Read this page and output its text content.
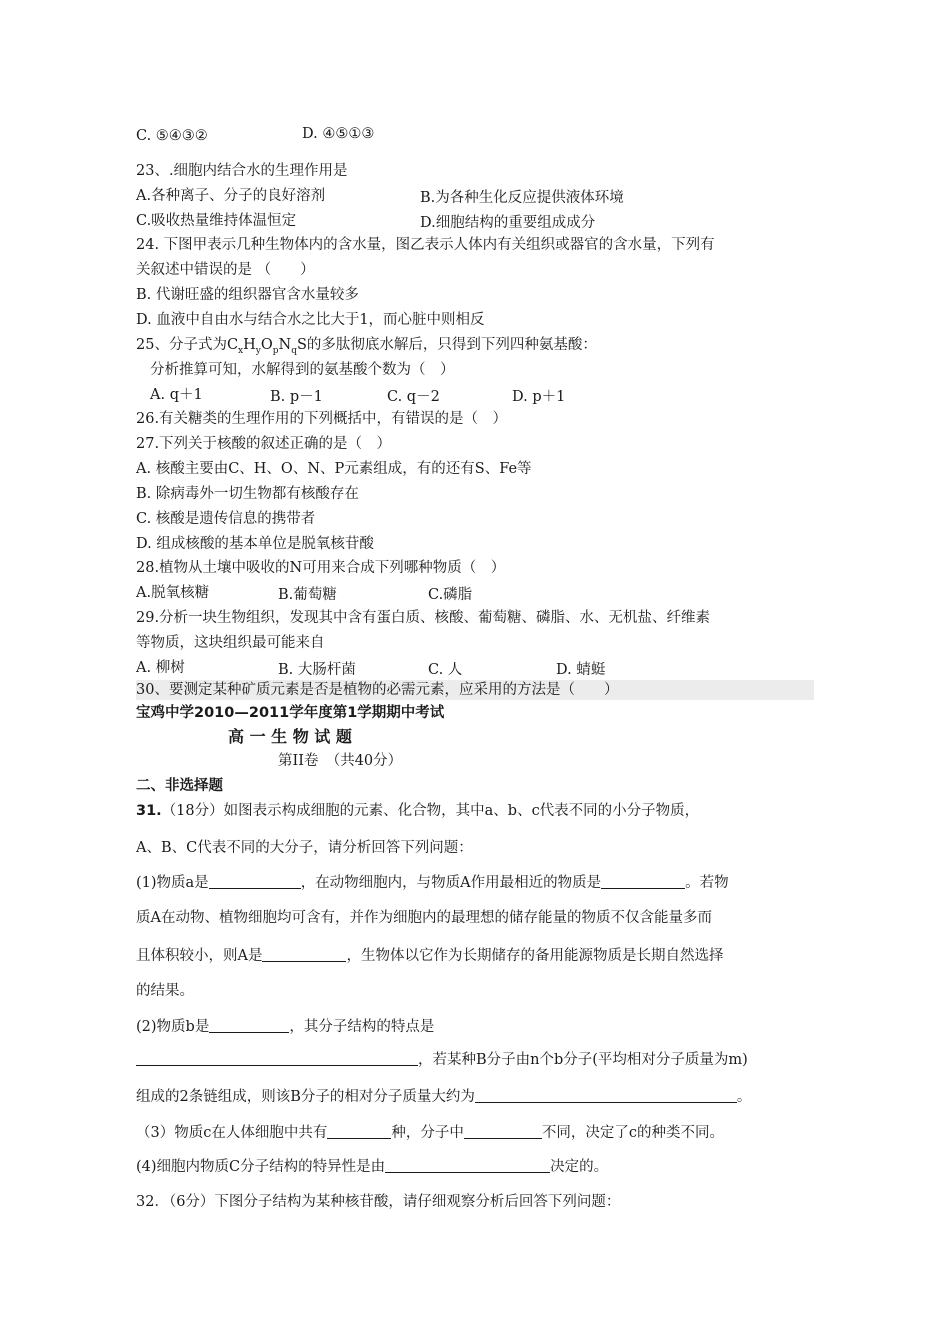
C. ⑤④③②	D. ④⑤①③
23、.细胞内结合水的生理作用是
A.各种离子、分子的良好溶剂	B.为各种生化反应提供液体环境
C.吸收热量维持体温恒定	D.细胞结构的重要组成成分
24. 下图甲表示几种生物体内的含水量，图乙表示人体内有关组织或器官的含水量，下列有
关叙述中错误的是 （　　）
B. 代谢旺盛的组织器官含水量较多
D. 血液中自由水与结合水之比大于1，而心脏中则相反
25、分子式为$C_xH_yO_pN_qS$的多肽彻底水解后，只得到下列四种氨基酸：
分析推算可知，水解得到的氨基酸个数为（　）
A. q＋1	B. p－1	C. q－2	D. p＋1
26.有关糖类的生理作用的下列概括中，有错误的是（　）
27.下列关于核酸的叙述正确的是（　）
A. 核酸主要由C、H、O、N、P元素组成，有的还有S、Fe等
B. 除病毒外一切生物都有核酸存在
C. 核酸是遗传信息的携带者
D. 组成核酸的基本单位是脱氧核苷酸
28.植物从土壤中吸收的N可用来合成下列哪种物质（　）
A.脱氧核糖	B.葡萄糖	C.磷脂
29.分析一块生物组织，发现其中含有蛋白质、核酸、葡萄糖、磷脂、水、无机盐、纤维素
等物质，这块组织最可能来自
A. 柳树	B. 大肠杆菌	C. 人	D. 蜻蜓
30、要测定某种矿质元素是否是植物的必需元素，应采用的方法是（　　）
宝鸡中学2010—2011学年度第1学期期中考试
高 一 生 物 试 题
第II卷　（共40分）
二、非选择题
31.（18分）如图表示构成细胞的元素、化合物，其中a、b、c代表不同的小分子物质，
A、B、C代表不同的大分子，请分析回答下列问题：
(1)物质a是	，在动物细胞内，与物质A作用最相近的物质是	。若物
质A在动物、植物细胞均可含有，并作为细胞内的最理想的储存能量的物质不仅含能量多而
且体积较小，则A是	，生物体以它作为长期储存的备用能源物质是长期自然选择
的结果。
(2)物质b是	，其分子结构的特点是
，若某种B分子由n个b分子(平均相对分子质量为m)
组成的2条链组成，则该B分子的相对分子质量大约为	。
（3）物质c在人体细胞中共有	种，分子中	不同，决定了c的种类不同。
(4)细胞内物质C分子结构的特异性是由	决定的。
32．（6分）下图分子结构为某种核苷酸，请仔细观察分析后回答下列问题：
